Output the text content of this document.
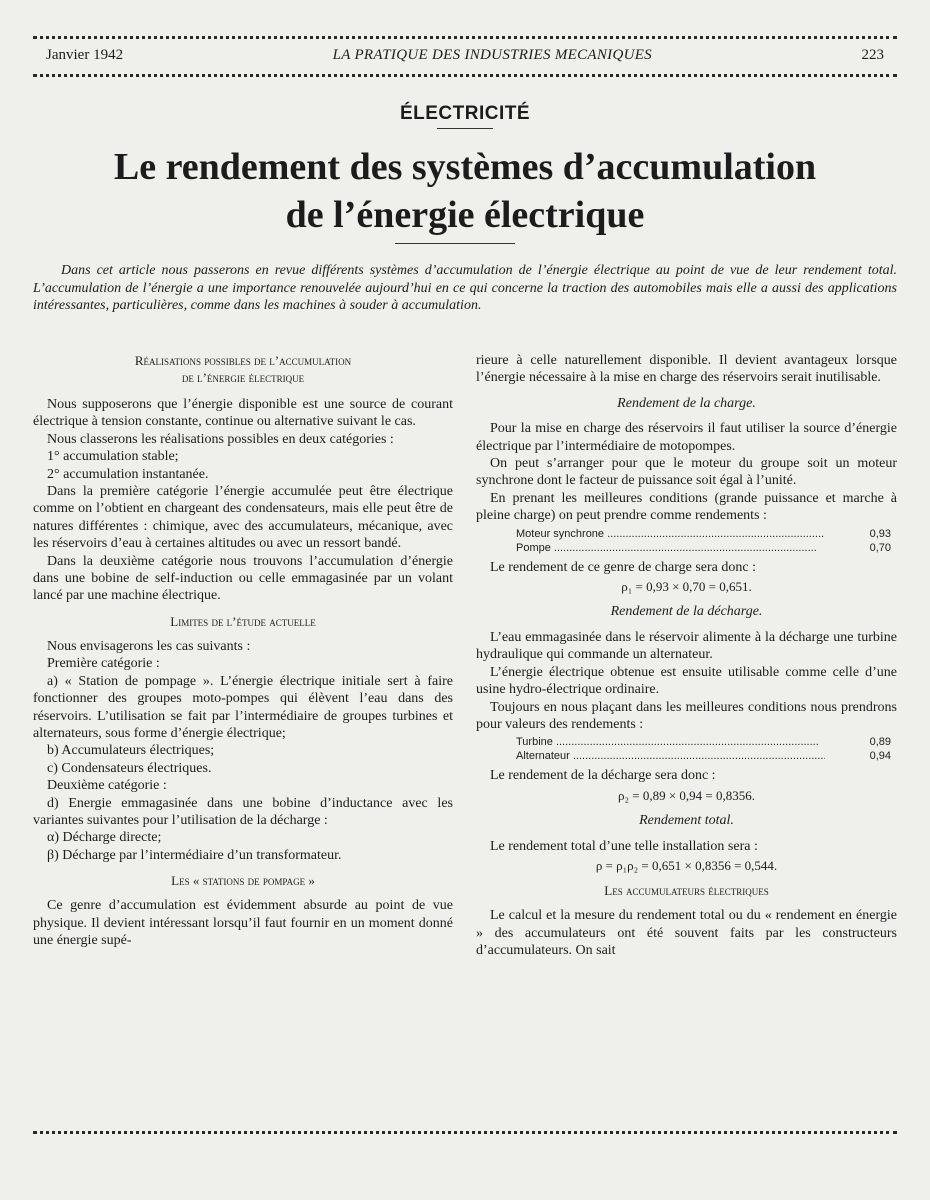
Janvier 1942	LA PRATIQUE DES INDUSTRIES MECANIQUES	223
ÉLECTRICITÉ
Le rendement des systèmes d’accumulation
de l’énergie électrique

Dans cet article nous passerons en revue différents systèmes d’accumulation de l’énergie électrique au point de vue de leur rendement total. L’accumulation de l’énergie a une importance renouvelée aujourd’hui en ce qui concerne la traction des automobiles mais elle a aussi des applications intéressantes, particulières, comme dans les machines à souder à accumulation.

Réalisations possibles de l’accumulation
de l’énergie électrique

Nous supposerons que l’énergie disponible est une source de courant électrique à tension constante, continue ou alternative suivant le cas.

Nous classerons les réalisations possibles en deux catégories :

1° accumulation stable;

2° accumulation instantanée.

Dans la première catégorie l’énergie accumulée peut être électrique comme on l’obtient en chargeant des condensateurs, mais elle peut être de natures différentes : chimique, avec des accumulateurs, mécanique, avec les réservoirs d’eau à certaines altitudes ou avec un ressort bandé.

Dans la deuxième catégorie nous trouvons l’accumulation d’énergie dans une bobine de self-induction ou celle emmagasinée par un volant lancé par une machine électrique.

Limites de l’étude actuelle

Nous envisagerons les cas suivants :

Première catégorie :

a) « Station de pompage ». L’énergie électrique initiale sert à faire fonctionner des groupes moto-pompes qui élèvent l’eau dans des réservoirs. L’utilisation se fait par l’intermédiaire de groupes turbines et alternateurs, sous forme d’énergie électrique;

b) Accumulateurs électriques;

c) Condensateurs électriques.

Deuxième catégorie :

d) Energie emmagasinée dans une bobine d’inductance avec les variantes suivantes pour l’utilisation de la décharge :

α) Décharge directe;

β) Décharge par l’intermédiaire d’un transformateur.

Les « stations de pompage »

Ce genre d’accumulation est évidemment absurde au point de vue physique. Il devient intéressant lorsqu’il faut fournir en un moment donné une énergie supé-

rieure à celle naturellement disponible. Il devient avantageux lorsque l’énergie nécessaire à la mise en charge des réservoirs serait inutilisable.

Rendement de la charge.

Pour la mise en charge des réservoirs il faut utiliser la source d’énergie électrique par l’intermédiaire de motopompes.

On peut s’arranger pour que le moteur du groupe soit un moteur synchrone dont le facteur de puissance soit égal à l’unité.

En prenant les meilleures conditions (grande puissance et marche à pleine charge) on peut prendre comme rendements :

Moteur synchrone .....	0,93
Pompe .....	0,70

Le rendement de ce genre de charge sera donc :

ρ₁ = 0,93 × 0,70 = 0,651.

Rendement de la décharge.

L’eau emmagasinée dans le réservoir alimente à la décharge une turbine hydraulique qui commande un alternateur.

L’énergie électrique obtenue est ensuite utilisable comme celle d’une usine hydro-électrique ordinaire.

Toujours en nous plaçant dans les meilleures conditions nous prendrons pour valeurs des rendements :

Turbine .....	0,89
Alternateur .....	0,94

Le rendement de la décharge sera donc :

ρ₂ = 0,89 × 0,94 = 0,8356.

Rendement total.

Le rendement total d’une telle installation sera :

ρ = ρ₁ρ₂ = 0,651 × 0,8356 = 0,544.

Les accumulateurs électriques

Le calcul et la mesure du rendement total ou du « rendement en énergie » des accumulateurs ont été souvent faits par les constructeurs d’accumulateurs. On sait
